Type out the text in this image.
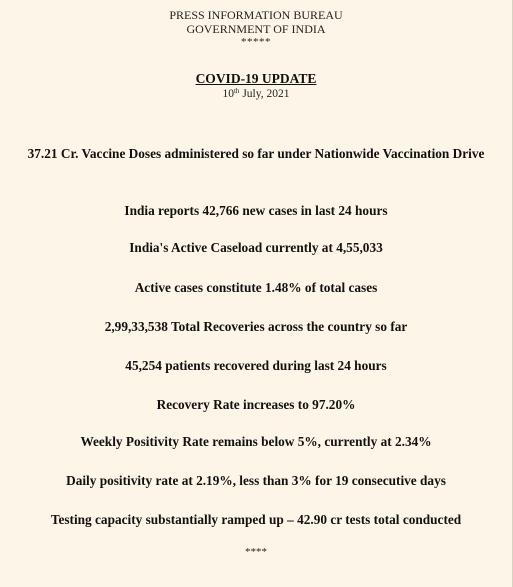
PRESS INFORMATION BUREAU
GOVERNMENT OF INDIA
*****
COVID-19 UPDATE
10th July, 2021
37.21 Cr. Vaccine Doses administered so far under Nationwide Vaccination Drive
India reports 42,766 new cases in last 24 hours
India's Active Caseload currently at 4,55,033
Active cases constitute 1.48% of total cases
2,99,33,538 Total Recoveries across the country so far
45,254 patients recovered during last 24 hours
Recovery Rate increases to 97.20%
Weekly Positivity Rate remains below 5%, currently at 2.34%
Daily positivity rate at 2.19%, less than 3% for 19 consecutive days
Testing capacity substantially ramped up – 42.90 cr tests total conducted
****
